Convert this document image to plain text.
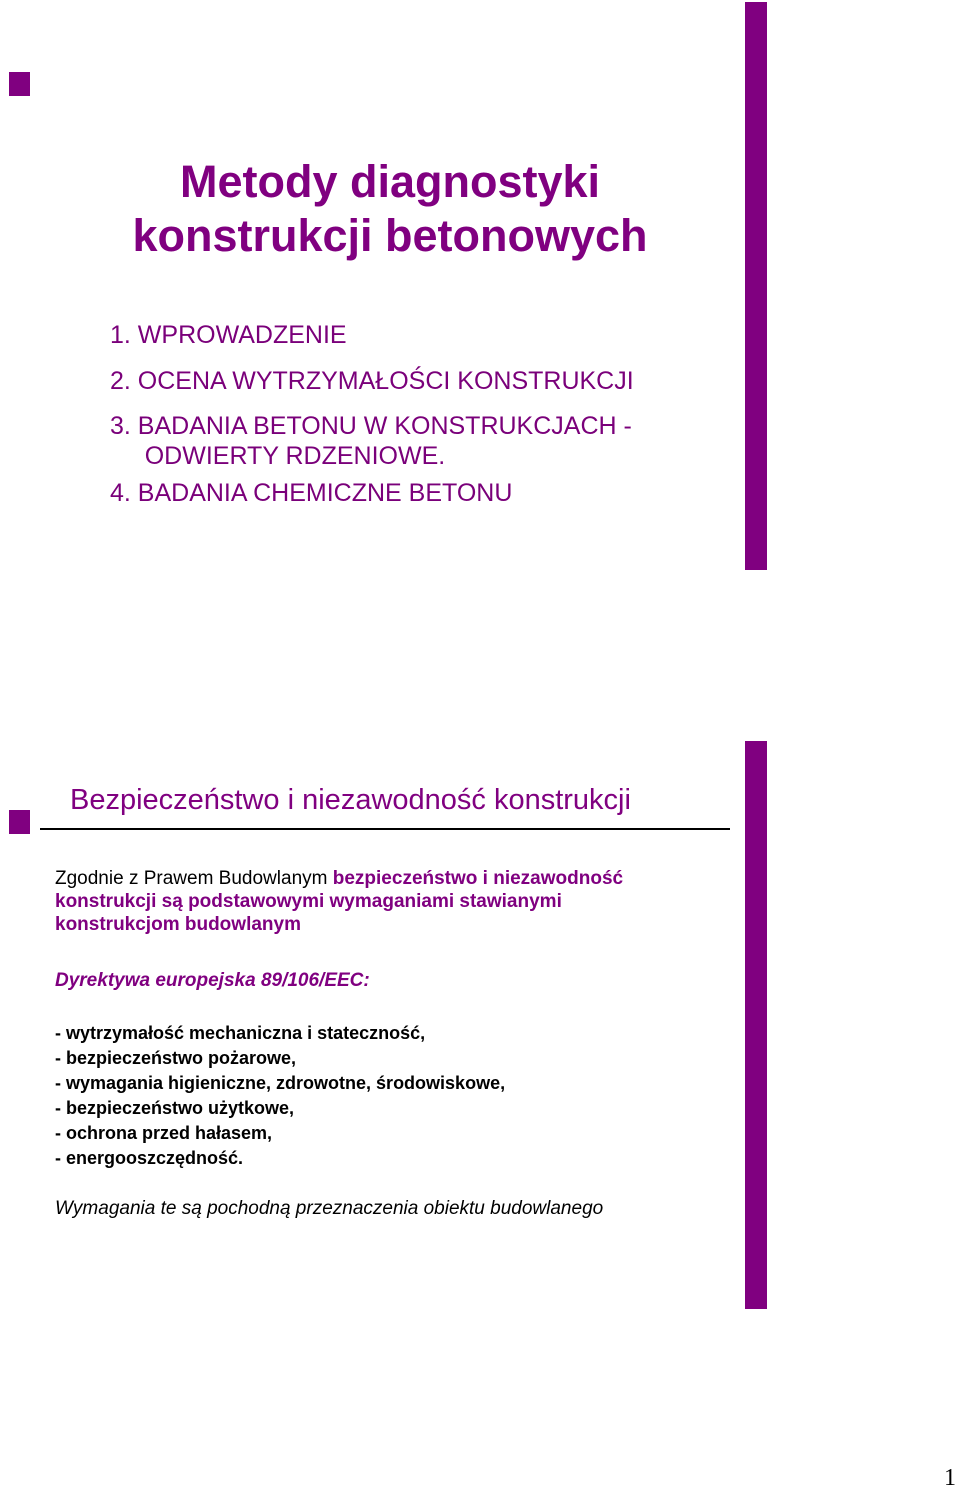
Metody diagnostyki
konstrukcji betonowych
1. WPROWADZENIE
2. OCENA WYTRZYMAŁOŚCI KONSTRUKCJI
3. BADANIA BETONU W KONSTRUKCJACH -
ODWIERTY RDZENIOWE.
4. BADANIA CHEMICZNE BETONU
Bezpieczeństwo i niezawodność konstrukcji
Zgodnie z Prawem Budowlanym bezpieczeństwo i niezawodność
konstrukcji są podstawowymi wymaganiami stawianymi
konstrukcjom budowlanym
Dyrektywa europejska 89/106/EEC:
- wytrzymałość mechaniczna i stateczność,
- bezpieczeństwo pożarowe,
- wymagania higieniczne, zdrowotne, środowiskowe,
- bezpieczeństwo użytkowe,
- ochrona przed hałasem,
- energooszczędność.
Wymagania te są pochodną przeznaczenia obiektu budowlanego
1
